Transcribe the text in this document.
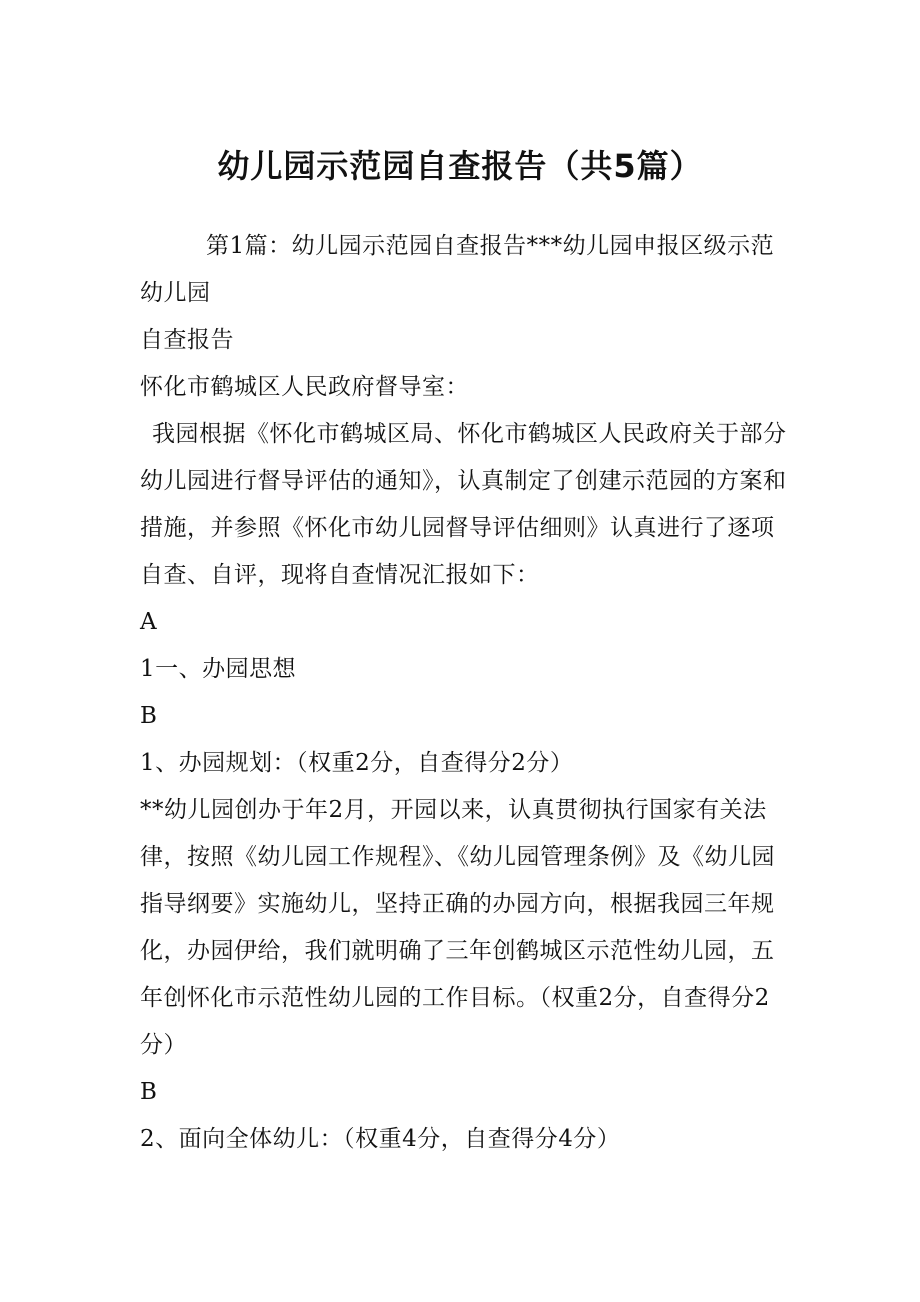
幼儿园示范园自查报告（共5篇）

第1篇：幼儿园示范园自查报告***幼儿园申报区级示范幼儿园

自查报告

怀化市鹤城区人民政府督导室：

我园根据《怀化市鹤城区局、怀化市鹤城区人民政府关于部分幼儿园进行督导评估的通知》，认真制定了创建示范园的方案和措施，并参照《怀化市幼儿园督导评估细则》认真进行了逐项自查、自评，现将自查情况汇报如下：

A

1一、办园思想

B

1、办园规划：（权重2分，自查得分2分）

**幼儿园创办于年2月，开园以来，认真贯彻执行国家有关法律，按照《幼儿园工作规程》、《幼儿园管理条例》及《幼儿园指导纲要》实施幼儿，坚持正确的办园方向，根据我园三年规化，办园伊给，我们就明确了三年创鹤城区示范性幼儿园，五年创怀化市示范性幼儿园的工作目标。（权重2分，自查得分2分）

B

2、面向全体幼儿：（权重4分，自查得分4分）
